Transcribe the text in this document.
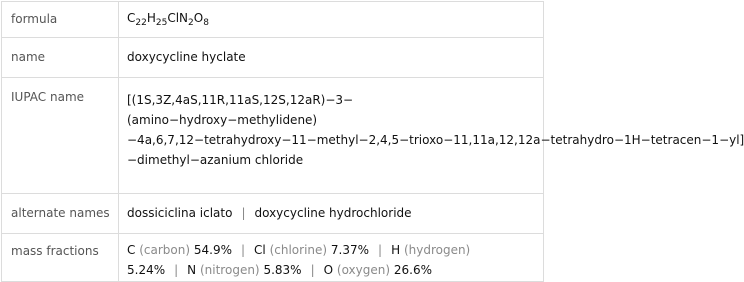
formula	$C_{22}H_{25}ClN_2O_8$
name	doxycycline hyclate
IUPAC name	[(1S,3Z,4aS,11R,11aS,12S,12aR)−3−(amino−hydroxy−methylidene)−4a,6,7,12−tetrahydroxy−11−methyl−2,4,5−trioxo−11,11a,12,12a−tetrahydro−1H−tetracen−1−yl]−dimethyl−azanium chloride

alternate names	dossiciclina iclato | doxycycline hydrochloride
mass fractions	C (carbon) 54.9% | Cl (chlorine) 7.37% | H (hydrogen)
5.24% | N (nitrogen) 5.83% | O (oxygen) 26.6%
